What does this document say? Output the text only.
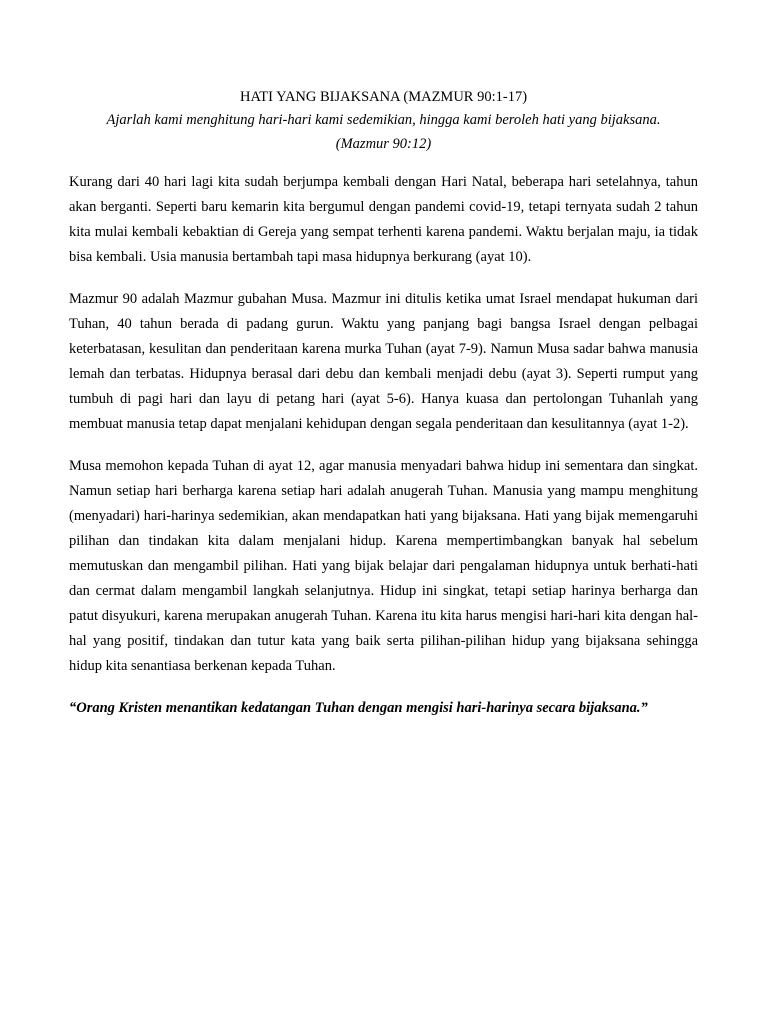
HATI YANG BIJAKSANA (MAZMUR 90:1-17)

Ajarlah kami menghitung hari-hari kami sedemikian, hingga kami beroleh hati yang bijaksana.

(Mazmur 90:12)

Kurang dari 40 hari lagi kita sudah berjumpa kembali dengan Hari Natal, beberapa hari setelahnya, tahun akan berganti. Seperti baru kemarin kita bergumul dengan pandemi covid-19, tetapi ternyata sudah 2 tahun kita mulai kembali kebaktian di Gereja yang sempat terhenti karena pandemi. Waktu berjalan maju, ia tidak bisa kembali. Usia manusia bertambah tapi masa hidupnya berkurang (ayat 10).

Mazmur 90 adalah Mazmur gubahan Musa. Mazmur ini ditulis ketika umat Israel mendapat hukuman dari Tuhan, 40 tahun berada di padang gurun. Waktu yang panjang bagi bangsa Israel dengan pelbagai keterbatasan, kesulitan dan penderitaan karena murka Tuhan (ayat 7-9). Namun Musa sadar bahwa manusia lemah dan terbatas. Hidupnya berasal dari debu dan kembali menjadi debu (ayat 3). Seperti rumput yang tumbuh di pagi hari dan layu di petang hari (ayat 5-6). Hanya kuasa dan pertolongan Tuhanlah yang membuat manusia tetap dapat menjalani kehidupan dengan segala penderitaan dan kesulitannya (ayat 1-2).

Musa memohon kepada Tuhan di ayat 12, agar manusia menyadari bahwa hidup ini sementara dan singkat. Namun setiap hari berharga karena setiap hari adalah anugerah Tuhan. Manusia yang mampu menghitung (menyadari) hari-harinya sedemikian, akan mendapatkan hati yang bijaksana. Hati yang bijak memengaruhi pilihan dan tindakan kita dalam menjalani hidup. Karena mempertimbangkan banyak hal sebelum memutuskan dan mengambil pilihan. Hati yang bijak belajar dari pengalaman hidupnya untuk berhati-hati dan cermat dalam mengambil langkah selanjutnya. Hidup ini singkat, tetapi setiap harinya berharga dan patut disyukuri, karena merupakan anugerah Tuhan. Karena itu kita harus mengisi hari-hari kita dengan hal-hal yang positif, tindakan dan tutur kata yang baik serta pilihan-pilihan hidup yang bijaksana sehingga hidup kita senantiasa berkenan kepada Tuhan.

“Orang Kristen menantikan kedatangan Tuhan dengan mengisi hari-harinya secara bijaksana.”
